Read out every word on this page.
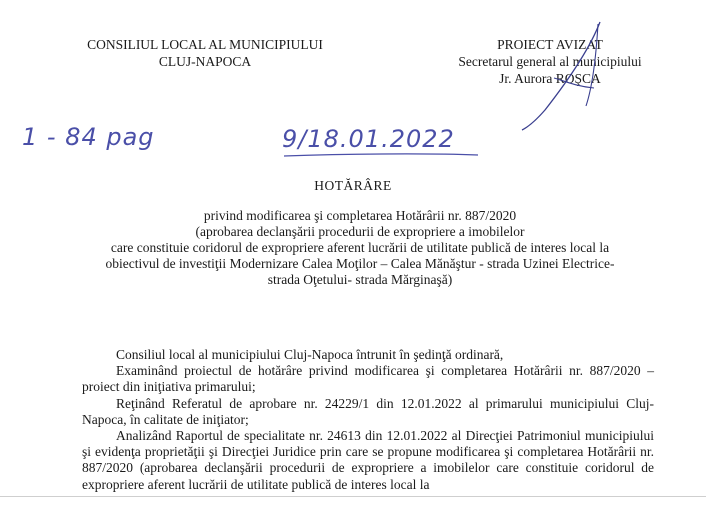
CONSILIUL LOCAL AL MUNICIPIULUI
CLUJ-NAPOCA
PROIECT AVIZAT
Secretarul general al municipiului
Jr. Aurora ROŞCA
1 - 84 pag	9/18.01.2022
HOTĂRÂRE
privind modificarea şi completarea Hotărârii nr. 887/2020
(aprobarea declanşării procedurii de expropriere a imobilelor
care constituie coridorul de expropriere aferent lucrării de utilitate publică de interes local la
obiectivul de investiţii Modernizare Calea Moţilor – Calea Mănăştur - strada Uzinei Electrice-
strada Oţetului- strada Mărginaşă)

Consiliul local al municipiului Cluj-Napoca întrunit în şedinţă ordinară,

Examinând proiectul de hotărâre privind modificarea şi completarea Hotărârii nr. 887/2020 – proiect din iniţiativa primarului;

Reţinând Referatul de aprobare nr. 24229/1 din 12.01.2022 al primarului municipiului Cluj-Napoca, în calitate de iniţiator;

Analizând Raportul de specialitate nr. 24613 din 12.01.2022 al Direcţiei Patrimoniul municipiului şi evidenţa proprietăţii şi Direcţiei Juridice prin care se propune modificarea şi completarea Hotărârii nr. 887/2020 (aprobarea declanşării procedurii de expropriere a imobilelor care constituie coridorul de expropriere aferent lucrării de utilitate publică de interes local la
